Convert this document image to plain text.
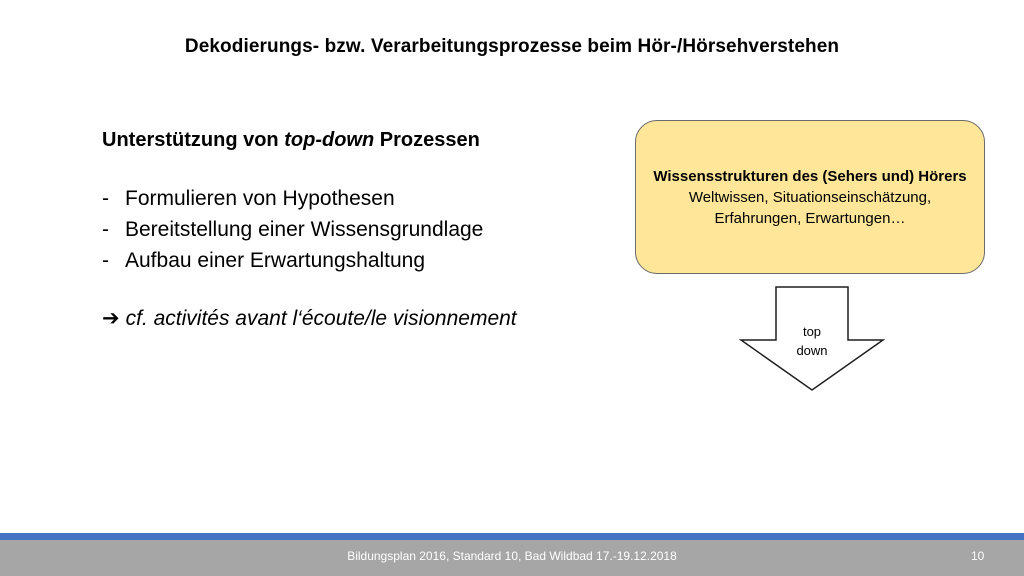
Dekodierungs- bzw. Verarbeitungsprozesse beim Hör-/Hörsehverstehen
Unterstützung von top-down Prozessen
- Formulieren von Hypothesen
- Bereitstellung einer Wissensgrundlage
- Aufbau einer Erwartungshaltung
➔ cf. activités avant l‘écoute/le visionnement
Wissensstrukturen des (Sehers und) Hörers
Weltwissen, Situationseinschätzung,
Erfahrungen, Erwartungen…
top
down
Bildungsplan 2016, Standard 10, Bad Wildbad 17.-19.12.2018	10
